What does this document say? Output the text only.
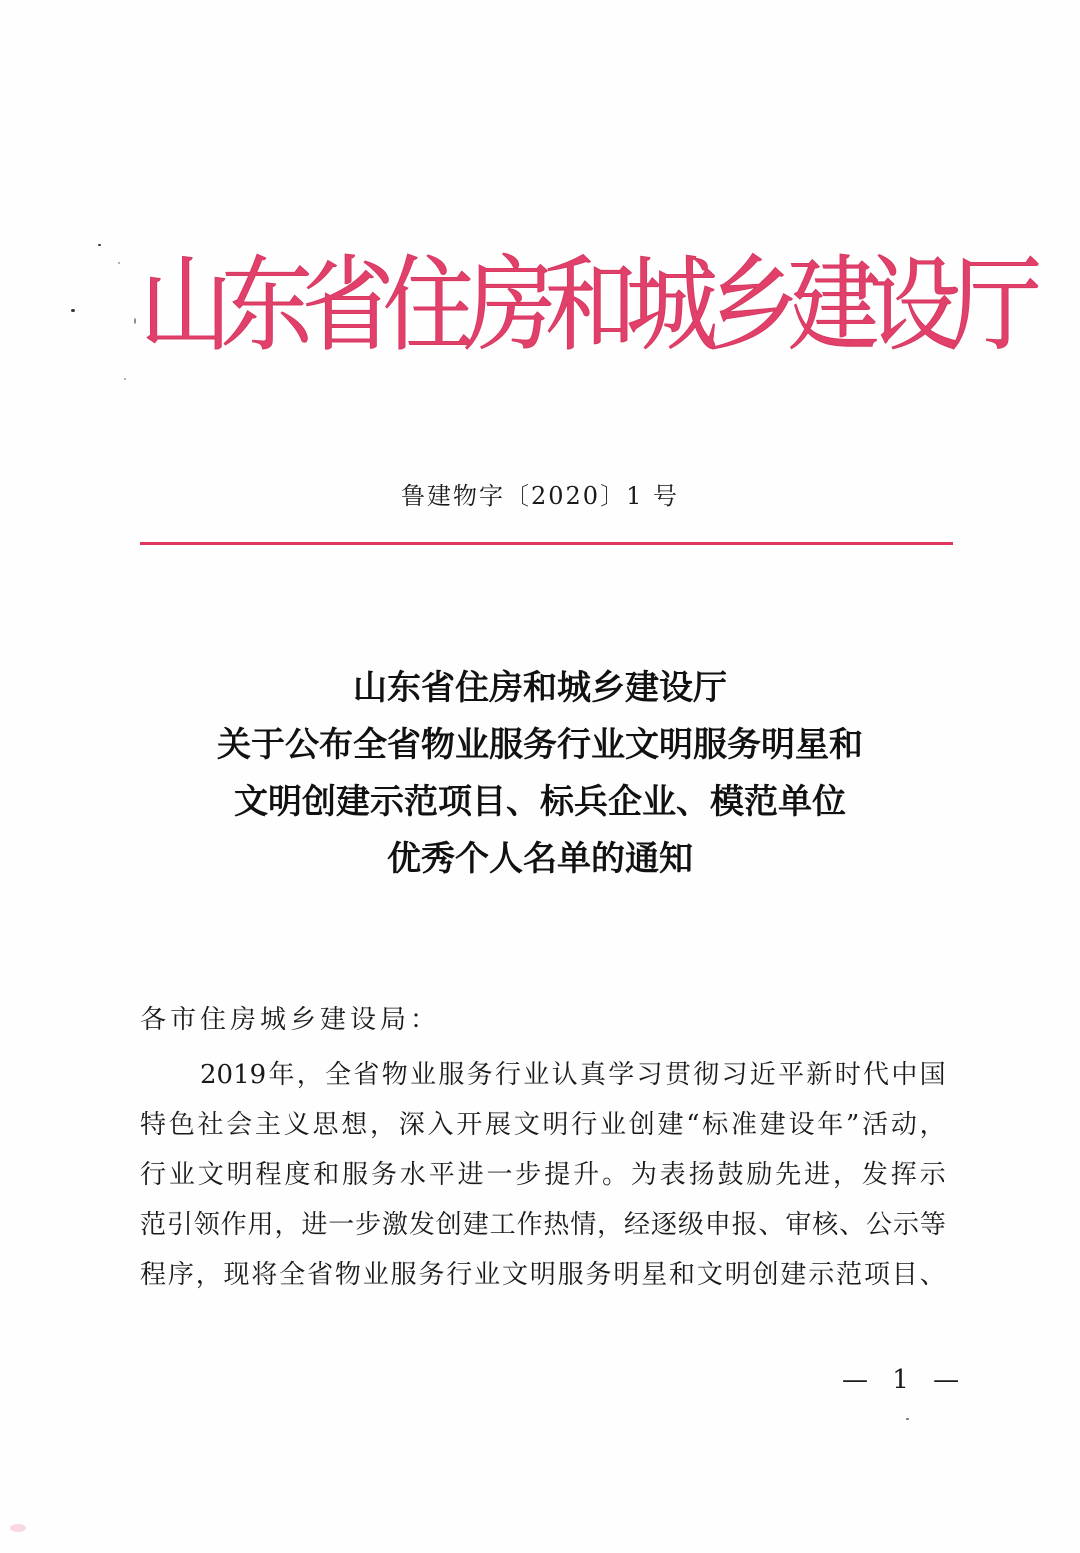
山
东
省
住
房
和
城
乡
建
设
厅
鲁建物字〔2020〕1 号
山东省住房和城乡建设厅
关于公布全省物业服务行业文明服务明星和
文明创建示范项目、标兵企业、模范单位
优秀个人名单的通知
各市住房城乡建设局：
2019 年 ， 全 省 物 业 服 务 行 业 认 真 学 习 贯 彻 习 近 平 新 时 代 中 国
特 色 社 会 主 义 思 想 ， 深 入 开 展 文 明 行 业 创 建 “ 标 准 建 设 年 ” 活 动 ，
行 业 文 明 程 度 和 服 务 水 平 进 一 步 提 升 。 为 表 扬 鼓 励 先 进 ， 发 挥 示
范 引 领 作 用 ， 进 一 步 激 发 创 建 工 作 热 情 ， 经 逐 级 申 报 、 审 核 、 公 示 等
程 序 ， 现 将 全 省 物 业 服 务 行 业 文 明 服 务 明 星 和 文 明 创 建 示 范 项 目 、
— 1 —
